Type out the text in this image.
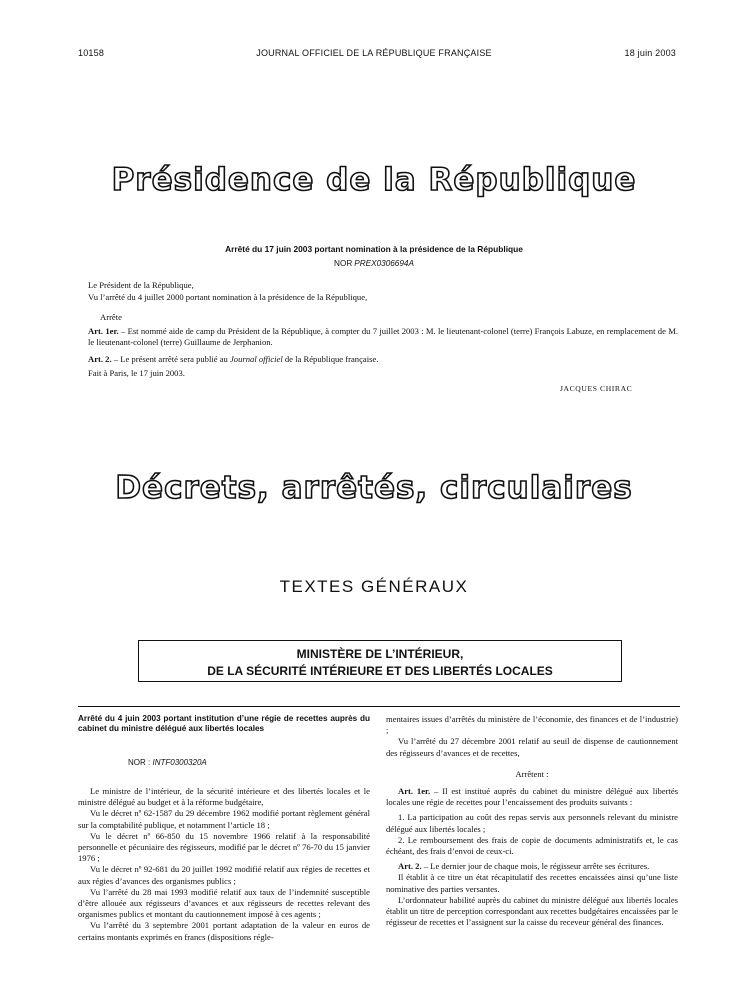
10158	JOURNAL OFFICIEL DE LA RÉPUBLIQUE FRANÇAISE	18 juin 2003
Présidence de la République
Arrêté du 17 juin 2003 portant nomination à la présidence de la République
NOR PREX0306694A
Le Président de la République,
Vu l’arrêté du 4 juillet 2000 portant nomination à la présidence de la République,
Arrête
Art. 1er. – Est nommé aide de camp du Président de la République, à compter du 7 juillet 2003 : M. le lieutenant-colonel (terre) François Labuze, en remplacement de M. le lieutenant-colonel (terre) Guillaume de Jerphanion.
Art. 2. – Le présent arrêté sera publié au Journal officiel de la République française.
Fait à Paris, le 17 juin 2003.
JACQUES CHIRAC
Décrets, arrêtés, circulaires
TEXTES GÉNÉRAUX
MINISTÈRE DE L’INTÉRIEUR,
DE LA SÉCURITÉ INTÉRIEURE ET DES LIBERTÉS LOCALES
Arrêté du 4 juin 2003 portant institution d’une régie de recettes auprès du cabinet du ministre délégué aux libertés locales
NOR : INTF0300320A

Le ministre de l’intérieur, de la sécurité intérieure et des libertés locales et le ministre délégué au budget et à la réforme budgétaire,

Vu le décret nº 62-1587 du 29 décembre 1962 modifié portant règlement général sur la comptabilité publique, et notamment l’article 18 ;

Vu le décret nº 66-850 du 15 novembre 1966 relatif à la responsabilité personnelle et pécuniaire des régisseurs, modifié par le décret nº 76-70 du 15 janvier 1976 ;

Vu le décret nº 92-681 du 20 juillet 1992 modifié relatif aux régies de recettes et aux régies d’avances des organismes publics ;

Vu l’arrêté du 28 mai 1993 modifié relatif aux taux de l’indemnité susceptible d’être allouée aux régisseurs d’avances et aux régisseurs de recettes relevant des organismes publics et montant du cautionnement imposé à ces agents ;

Vu l’arrêté du 3 septembre 2001 portant adaptation de la valeur en euros de certains montants exprimés en francs (dispositions régle-

mentaires issues d’arrêtés du ministère de l’économie, des finances et de l’industrie) ;

Vu l’arrêté du 27 décembre 2001 relatif au seuil de dispense de cautionnement des régisseurs d’avances et de recettes,

Arrêtent :

Art. 1er. – Il est institué auprès du cabinet du ministre délégué aux libertés locales une régie de recettes pour l’encaissement des produits suivants :

1. La participation au coût des repas servis aux personnels relevant du ministre délégué aux libertés locales ;

2. Le remboursement des frais de copie de documents administratifs et, le cas échéant, des frais d’envoi de ceux-ci.

Art. 2. – Le dernier jour de chaque mois, le régisseur arrête ses écritures.

Il établit à ce titre un état récapitulatif des recettes encaissées ainsi qu’une liste nominative des parties versantes.

L’ordonnateur habilité auprès du cabinet du ministre délégué aux libertés locales établit un titre de perception correspondant aux recettes budgétaires encaissées par le régisseur de recettes et l’assignent sur la caisse du receveur général des finances.
